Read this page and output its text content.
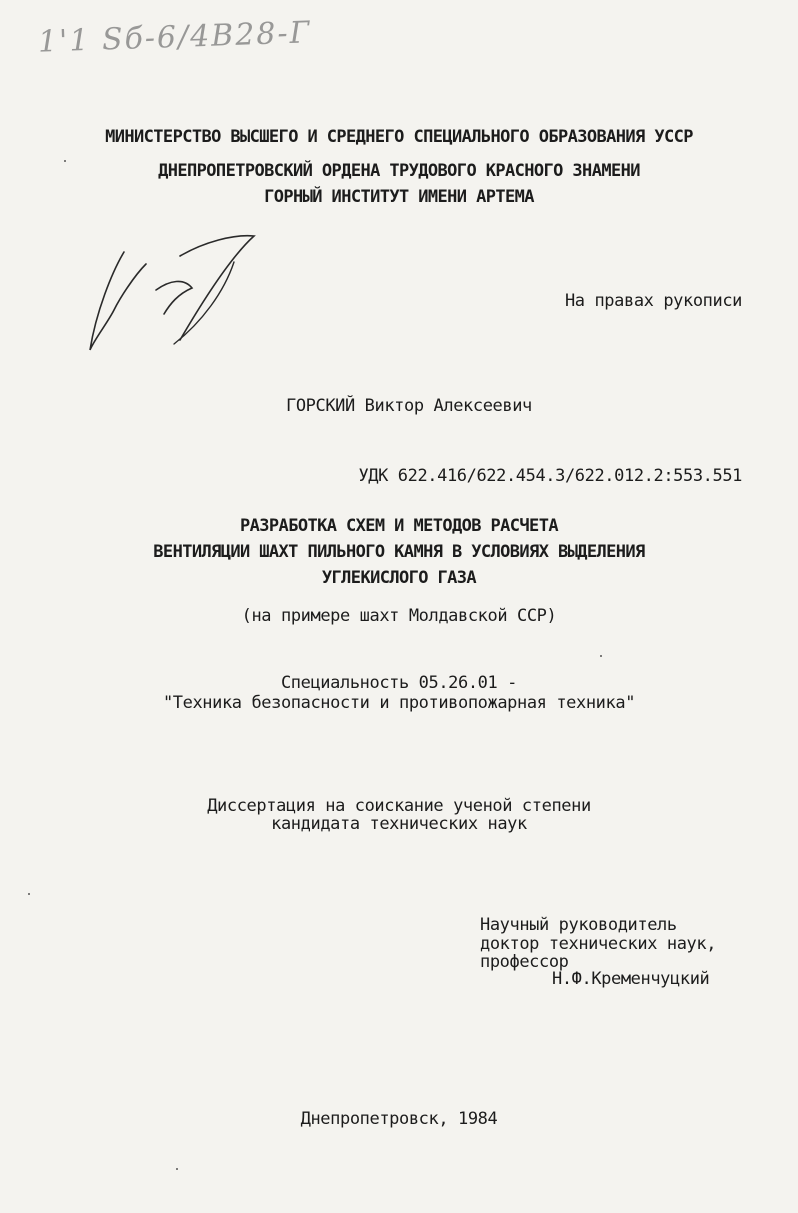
1'1 Sб-6/4В28-Г
МИНИСТЕРСТВО ВЫСШЕГО И СРЕДНЕГО СПЕЦИАЛЬНОГО ОБРАЗОВАНИЯ УССР
ДНЕПРОПЕТРОВСКИЙ ОРДЕНА ТРУДОВОГО КРАСНОГО ЗНАМЕНИ
ГОРНЫЙ ИНСТИТУТ ИМЕНИ АРТЕМА
На правах рукописи
ГОРСКИЙ Виктор Алексеевич
УДК 622.416/622.454.3/622.012.2:553.551
РАЗРАБОТКА СХЕМ И МЕТОДОВ РАСЧЕТА
ВЕНТИЛЯЦИИ ШАХТ ПИЛЬНОГО КАМНЯ В УСЛОВИЯХ ВЫДЕЛЕНИЯ
УГЛЕКИСЛОГО ГАЗА
(на примере шахт Молдавской ССР)
Специальность 05.26.01 -
"Техника безопасности и противопожарная техника"
Диссертация на соискание ученой степени
кандидата технических наук
Научный руководитель
доктор технических наук,
профессор
Н.Ф.Кременчуцкий
Днепропетровск, 1984
